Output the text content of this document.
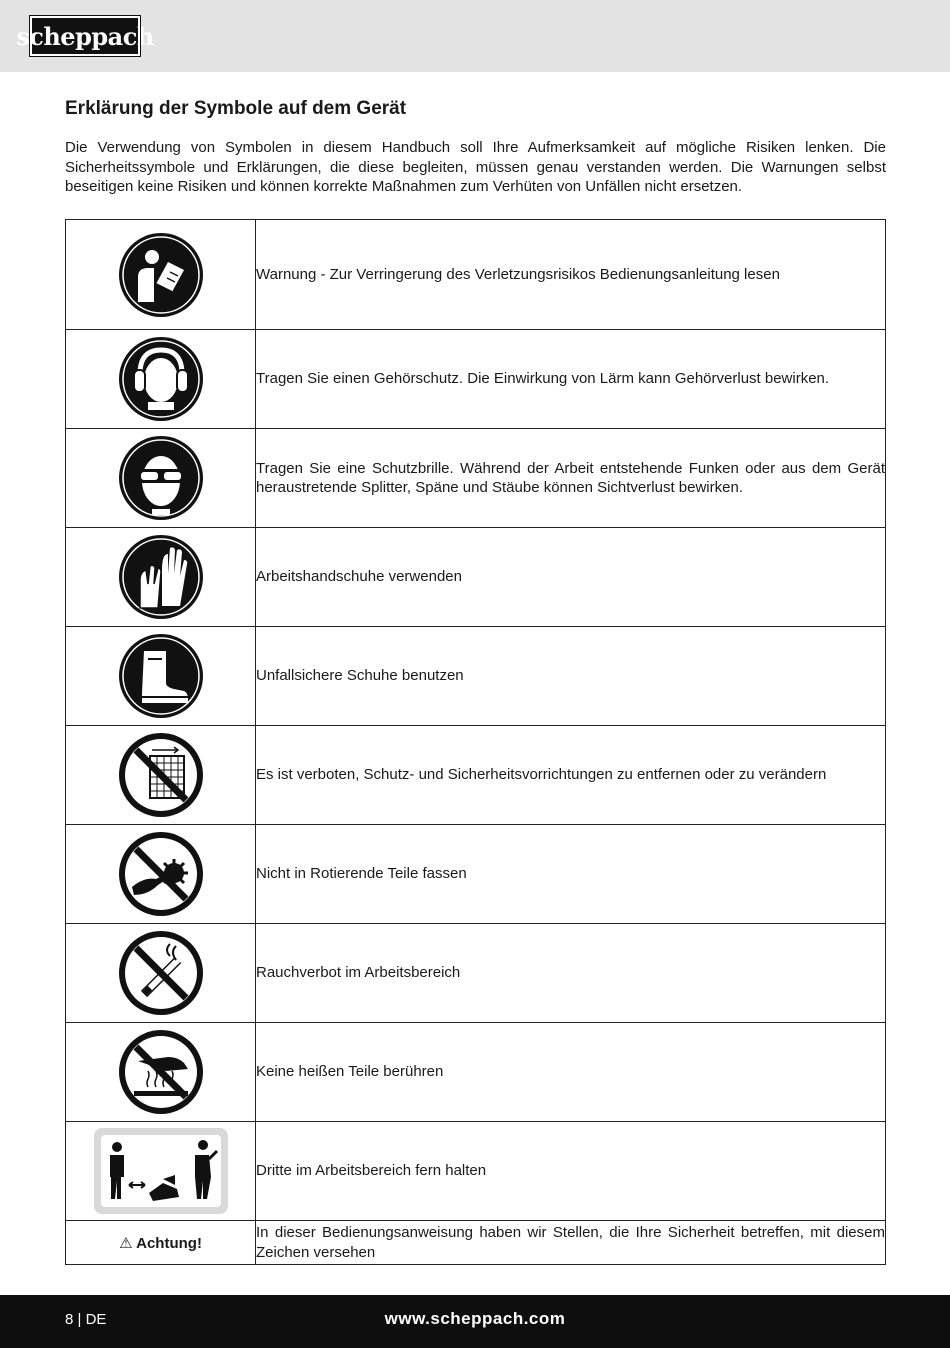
scheppach
Erklärung der Symbole auf dem Gerät

Die Verwendung von Symbolen in diesem Handbuch soll Ihre Aufmerksamkeit auf mögliche Risiken lenken. Die Sicherheitssymbole und Erklärungen, die diese begleiten, müssen genau verstanden werden. Die Warnungen selbst beseitigen keine Risiken und können korrekte Maßnahmen zum Verhüten von Unfällen nicht ersetzen.

	Warnung - Zur Verringerung des Verletzungsrisikos Bedienungsanleitung lesen

	Tragen Sie einen Gehörschutz. Die Einwirkung von Lärm kann Gehörverlust bewirken.

	Tragen Sie eine Schutzbrille. Während der Arbeit entstehende Funken oder aus dem Gerät heraustretende Splitter, Späne und Stäube können Sichtverlust bewirken.

	Arbeitshandschuhe verwenden

	Unfallsichere Schuhe benutzen

	Es ist verboten, Schutz- und Sicherheitsvorrichtungen zu entfernen oder zu verändern

	Nicht in Rotierende Teile fassen

	Rauchverbot im Arbeitsbereich

	Keine heißen Teile berühren

	Dritte im Arbeitsbereich fern halten
⚠ Achtung!	In dieser Bedienungsanweisung haben wir Stellen, die Ihre Sicherheit betreffen, mit diesem Zeichen versehen
8 | DE	www.scheppach.com
